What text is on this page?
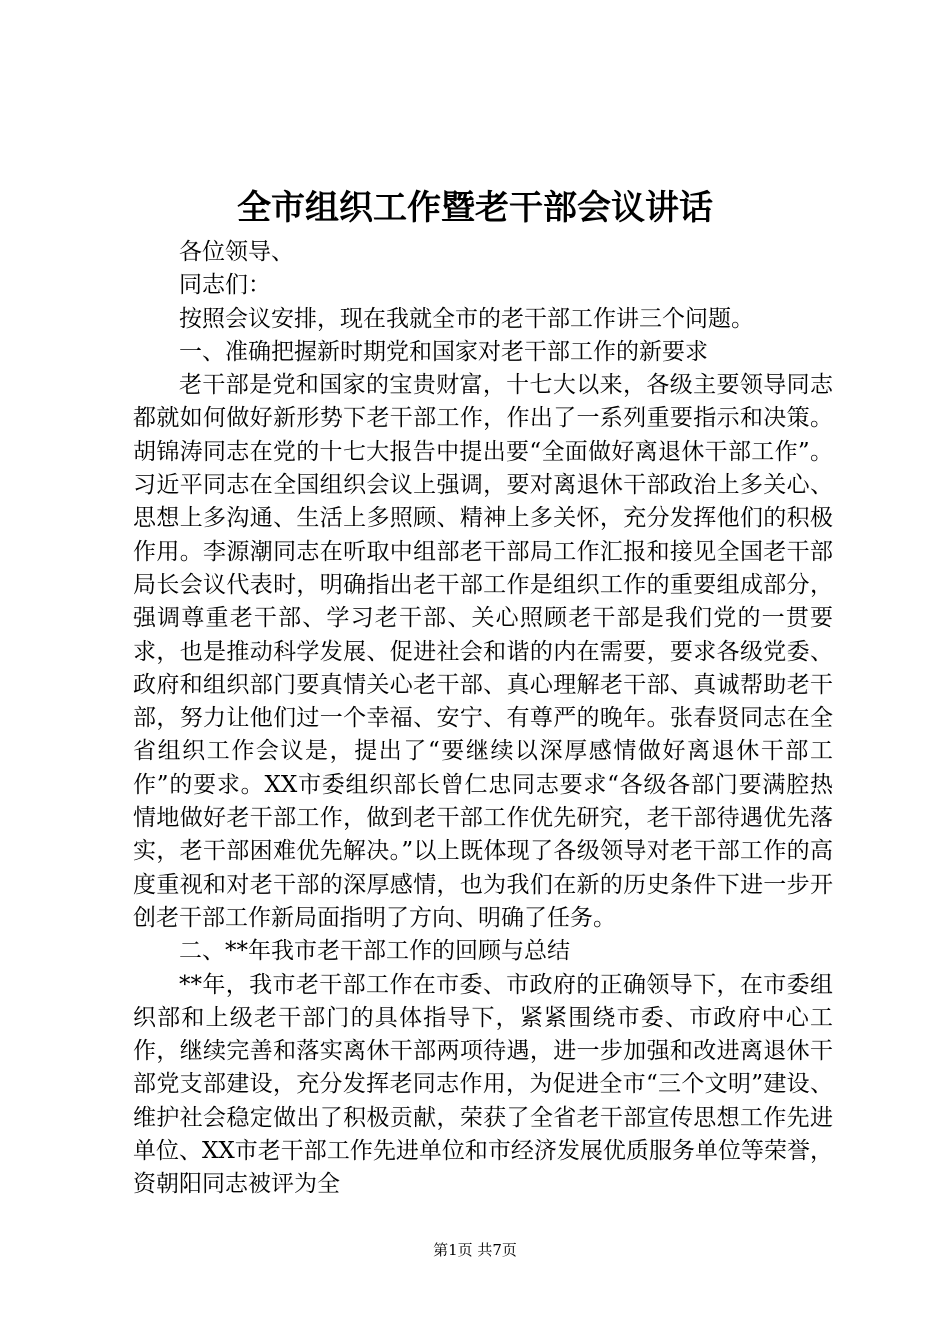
全市组织工作暨老干部会议讲话

各位领导、

同志们：

按照会议安排，现在我就全市的老干部工作讲三个问题。

一、准确把握新时期党和国家对老干部工作的新要求

老干部是党和国家的宝贵财富，十七大以来，各级主要领导同志都就如何做好新形势下老干部工作，作出了一系列重要指示和决策。胡锦涛同志在党的十七大报告中提出要“全面做好离退休干部工作”。习近平同志在全国组织会议上强调，要对离退休干部政治上多关心、思想上多沟通、生活上多照顾、精神上多关怀，充分发挥他们的积极作用。李源潮同志在听取中组部老干部局工作汇报和接见全国老干部局长会议代表时，明确指出老干部工作是组织工作的重要组成部分，强调尊重老干部、学习老干部、关心照顾老干部是我们党的一贯要求，也是推动科学发展、促进社会和谐的内在需要，要求各级党委、政府和组织部门要真情关心老干部、真心理解老干部、真诚帮助老干部，努力让他们过一个幸福、安宁、有尊严的晚年。张春贤同志在全省组织工作会议是，提出了“要继续以深厚感情做好离退休干部工作”的要求。XX市委组织部长曾仁忠同志要求“各级各部门要满腔热情地做好老干部工作，做到老干部工作优先研究，老干部待遇优先落实，老干部困难优先解决。”以上既体现了各级领导对老干部工作的高度重视和对老干部的深厚感情，也为我们在新的历史条件下进一步开创老干部工作新局面指明了方向、明确了任务。

二、**年我市老干部工作的回顾与总结

**年，我市老干部工作在市委、市政府的正确领导下，在市委组织部和上级老干部门的具体指导下，紧紧围绕市委、市政府中心工作，继续完善和落实离休干部两项待遇，进一步加强和改进离退休干部党支部建设，充分发挥老同志作用，为促进全市“三个文明”建设、维护社会稳定做出了积极贡献，荣获了全省老干部宣传思想工作先进单位、XX市老干部工作先进单位和市经济发展优质服务单位等荣誉，资朝阳同志被评为全

第1页 共7页
